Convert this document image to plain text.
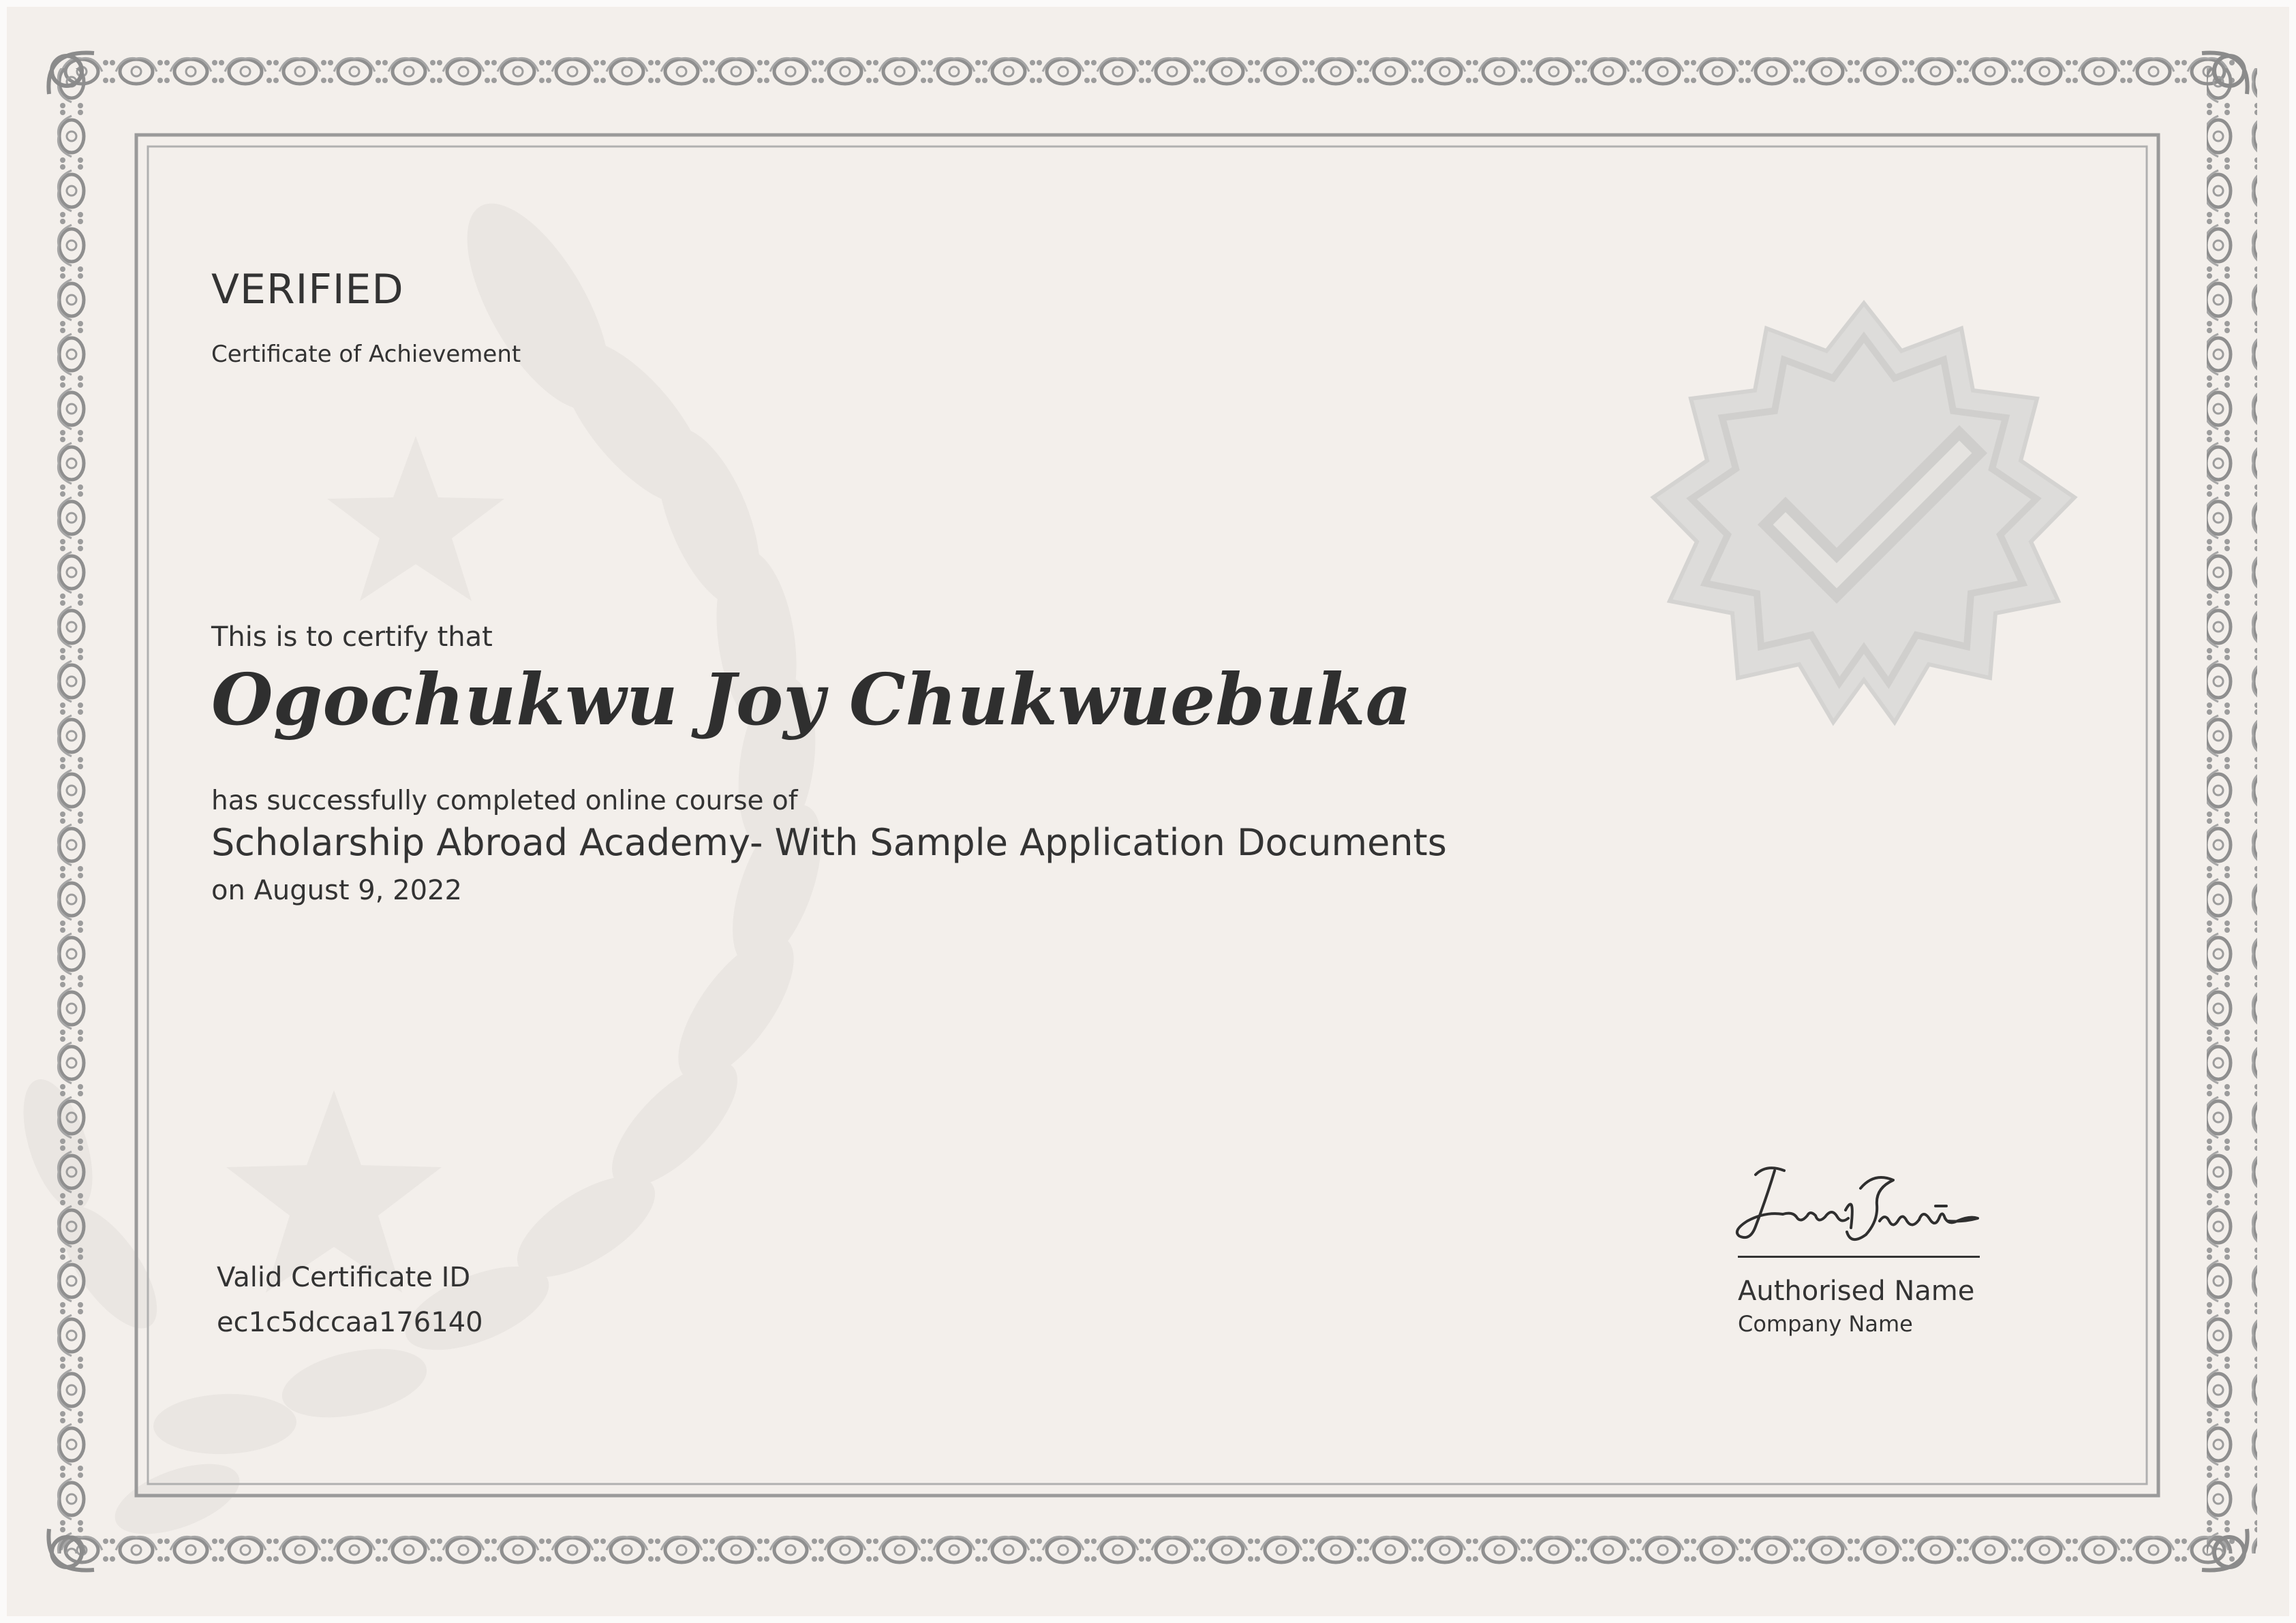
VERIFIED
Certificate of Achievement
This is to certify that
Ogochukwu Joy Chukwuebuka
has successfully completed online course of
Scholarship Abroad Academy- With Sample Application Documents
on August 9, 2022
Valid Certificate ID
ec1c5dccaa176140
Authorised Name
Company Name
